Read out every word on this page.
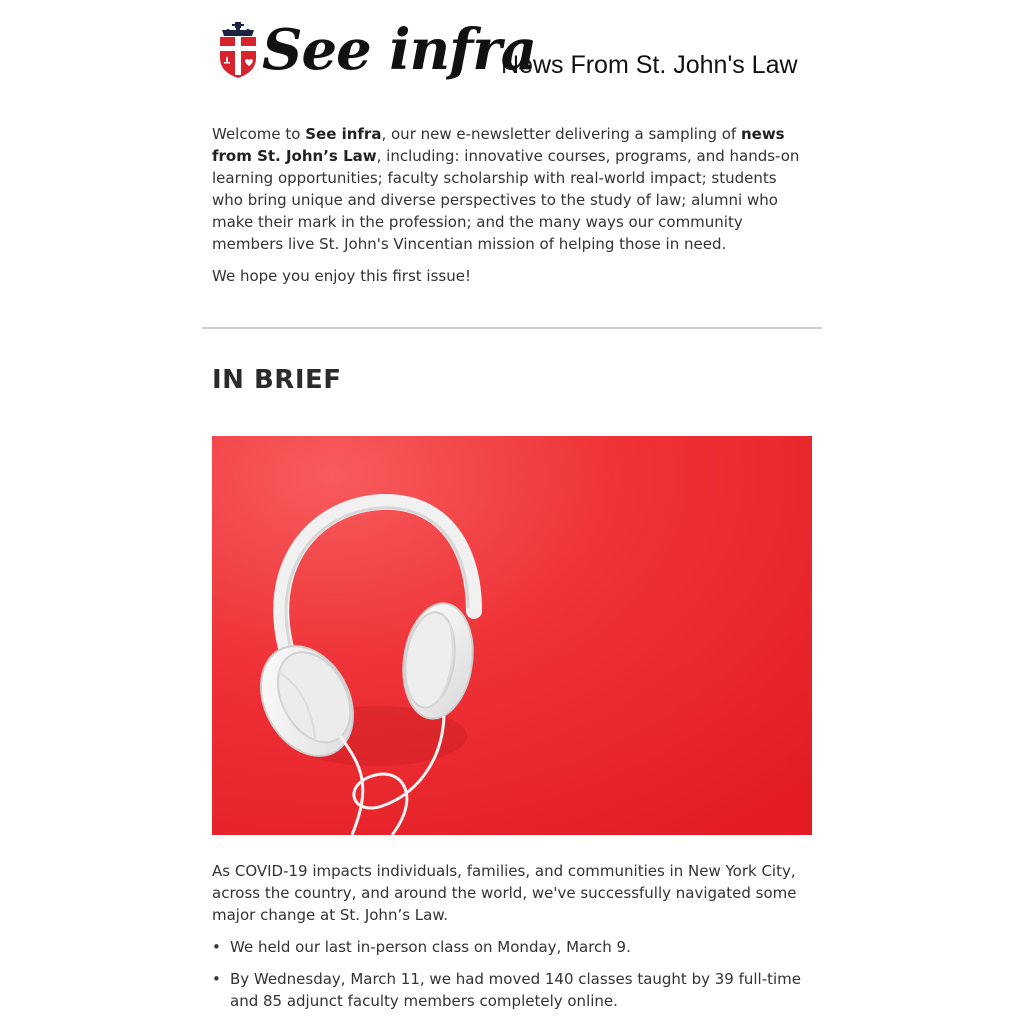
See infra
News From St. John's Law

Welcome to See infra, our new e-newsletter delivering a sampling of news from St. John’s Law, including: innovative courses, programs, and hands-on learning opportunities; faculty scholarship with real-world impact; students who bring unique and diverse perspectives to the study of law; alumni who make their mark in the profession; and the many ways our community members live St. John's Vincentian mission of helping those in need.

We hope you enjoy this first issue!

IN BRIEF

As COVID-19 impacts individuals, families, and communities in New York City, across the country, and around the world, we've successfully navigated some major change at St. John’s Law.

• We held our last in-person class on Monday, March 9.
• By Wednesday, March 11, we had moved 140 classes taught by 39 full-time and 85 adjunct faculty members completely online.
